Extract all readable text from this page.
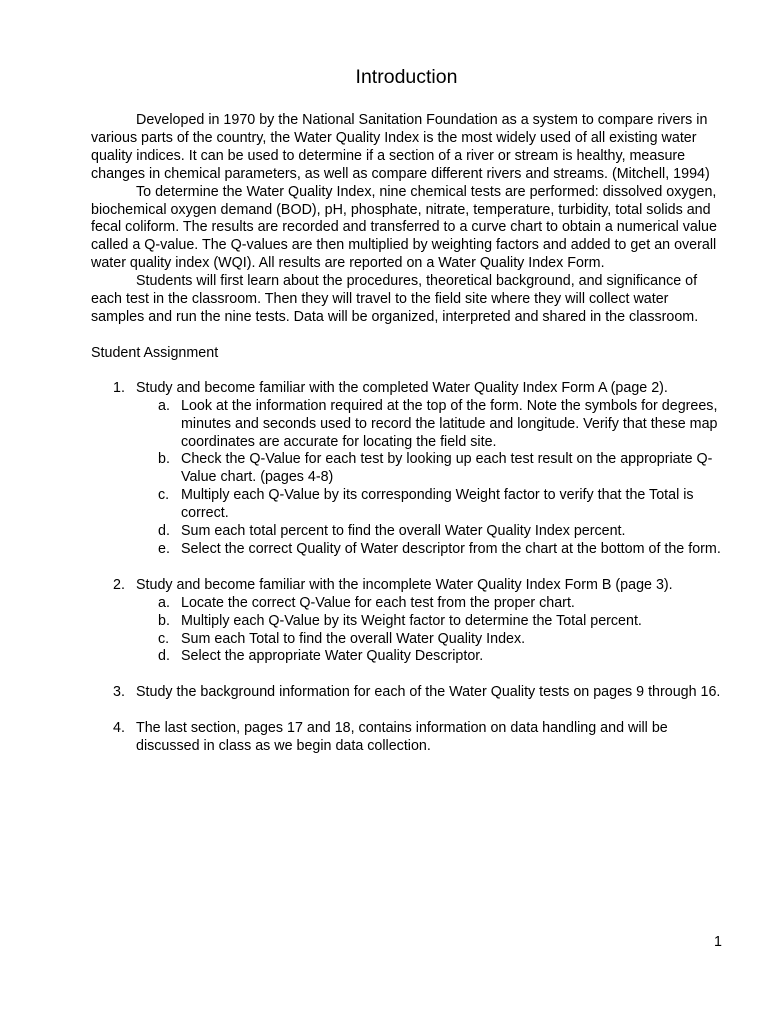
Introduction

Developed in 1970 by the National Sanitation Foundation as a system to compare rivers in various parts of the country, the Water Quality Index is the most widely used of all existing water quality indices. It can be used to determine if a section of a river or stream is healthy, measure changes in chemical parameters, as well as compare different rivers and streams. (Mitchell, 1994)

To determine the Water Quality Index, nine chemical tests are performed: dissolved oxygen, biochemical oxygen demand (BOD), pH, phosphate, nitrate, temperature, turbidity, total solids and fecal coliform. The results are recorded and transferred to a curve chart to obtain a numerical value called a Q-value. The Q-values are then multiplied by weighting factors and added to get an overall water quality index (WQI). All results are reported on a Water Quality Index Form.

Students will first learn about the procedures, theoretical background, and significance of each test in the classroom. Then they will travel to the field site where they will collect water samples and run the nine tests. Data will be organized, interpreted and shared in the classroom.

Student Assignment

1. Study and become familiar with the completed Water Quality Index Form A (page 2).
a. Look at the information required at the top of the form. Note the symbols for degrees, minutes and seconds used to record the latitude and longitude. Verify that these map coordinates are accurate for locating the field site.
b. Check the Q-Value for each test by looking up each test result on the appropriate Q-Value chart. (pages 4-8)
c. Multiply each Q-Value by its corresponding Weight factor to verify that the Total is correct.
d. Sum each total percent to find the overall Water Quality Index percent.
e. Select the correct Quality of Water descriptor from the chart at the bottom of the form.
2. Study and become familiar with the incomplete Water Quality Index Form B (page 3).
a. Locate the correct Q-Value for each test from the proper chart.
b. Multiply each Q-Value by its Weight factor to determine the Total percent.
c. Sum each Total to find the overall Water Quality Index.
d. Select the appropriate Water Quality Descriptor.
3. Study the background information for each of the Water Quality tests on pages 9 through 16.
4. The last section, pages 17 and 18, contains information on data handling and will be discussed in class as we begin data collection.
1
